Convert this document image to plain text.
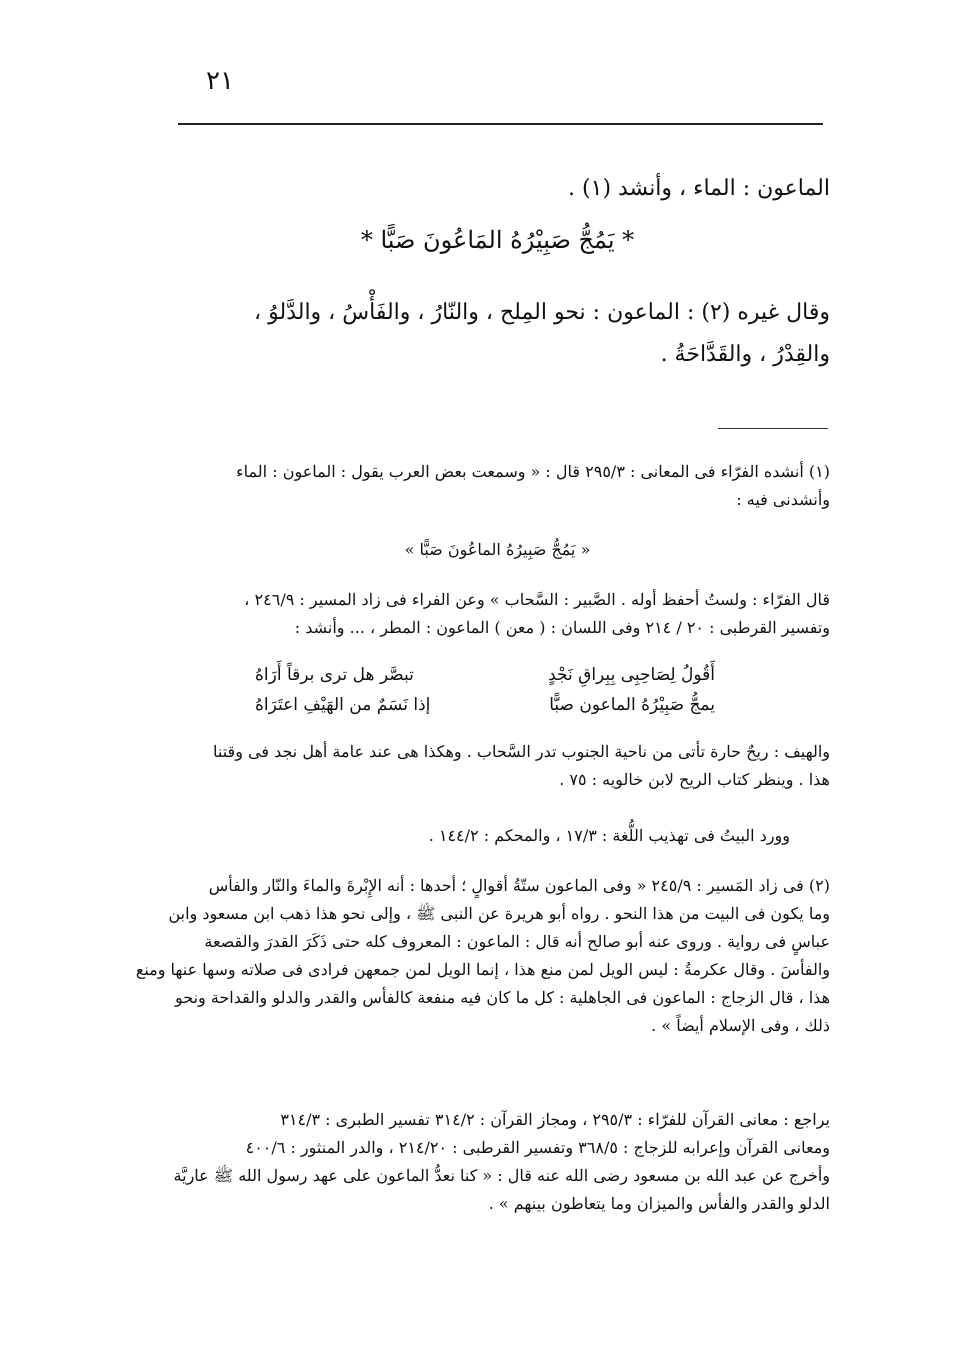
٢١
الماعون : الماء ، وأنشد (١) .
* يَمُجُّ صَبِيْرُهُ المَاعُونَ صَبًّا *
وقال غيره (٢) : الماعون : نحو المِلح ، والنّارُ ، والفَأْسُ ، والدَّلوُ ،
والقِدْرُ ، والقَدَّاحَةُ .
(١) أنشده الفرّاء فى المعانى : ٢٩٥/٣ قال : « وسمعت بعض العرب يقول : الماعون : الماء
وأنشدنى فيه :
« يَمُجُّ صَبِيرُهُ الماعُونَ صَبًّا »
قال الفرّاء : ولستُ أحفظ أوله . الصَّبير : السَّحاب » وعن الفراء فى زاد المسير : ٢٤٦/٩ ،
وتفسير القرطبى : ٢٠ / ٢١٤ وفى اللسان : ( معن ) الماعون : المطر ، ... وأنشد :
أَقُولُ لِصَاحِبِى بِبِراقِ نَجْدٍ
تبصَّر هل ترى برقاً أَرَاهُ
يمجُّ صَبِيْرُهُ الماعون صبًّا
إذا نَسَمٌ من الهَيْفِ اعتَرَاهُ
والهيف : ريحٌ حارة تأتى من ناحية الجنوب تدر السَّحاب . وهكذا هى عند عامة أهل نجد فى وقتنا
هذا . وينظر كتاب الريح لابن خالويه : ٧٥ .
وورد البيتُ فى تهذيب اللُّغة : ١٧/٣ ، والمحكم : ١٤٤/٢ .
(٢) فى زاد المَسير : ٢٤٥/٩ « وفى الماعون ستّةُ أقوالٍ ؛ أحدها : أنه الإِبْرةَ والماءَ والنّار والفأس
وما يكون فى البيت من هذا النحو . رواه أبو هريرة عن النبى ﷺ ، وإلى نحو هذا ذهب ابن مسعود وابن
عباسٍ فى رواية . وروى عنه أبو صالح أنه قال : الماعون : المعروف كله حتى ذَكَرَ القدرَ والقصعة
والفأسَ . وقال عكرمةُ : ليس الويل لمن منع هذا ، إنما الويل لمن جمعهن فرادى فى صلاته وسها عنها ومنع
هذا ، قال الزجاج : الماعون فى الجاهلية : كل ما كان فيه منفعة كالفأس والقدر والدلو والقداحة ونحو
ذلك ، وفى الإسلام أيضاً » .
يراجع : معانى القرآن للفرّاء : ٢٩٥/٣ ، ومجاز القرآن : ٣١٤/٢ تفسير الطبرى : ٣١٤/٣
ومعانى القرآن وإعرابه للزجاج : ٣٦٨/٥ وتفسير القرطبى : ٢١٤/٢٠ ، والدر المنثور : ٤٠٠/٦
وأخرج عن عبد الله بن مسعود رضى الله عنه قال : « كنا نعدُّ الماعون على عهد رسول الله ﷺ عاريَّة
الدلو والقدر والفأس والميزان وما يتعاطون بينهم » .
